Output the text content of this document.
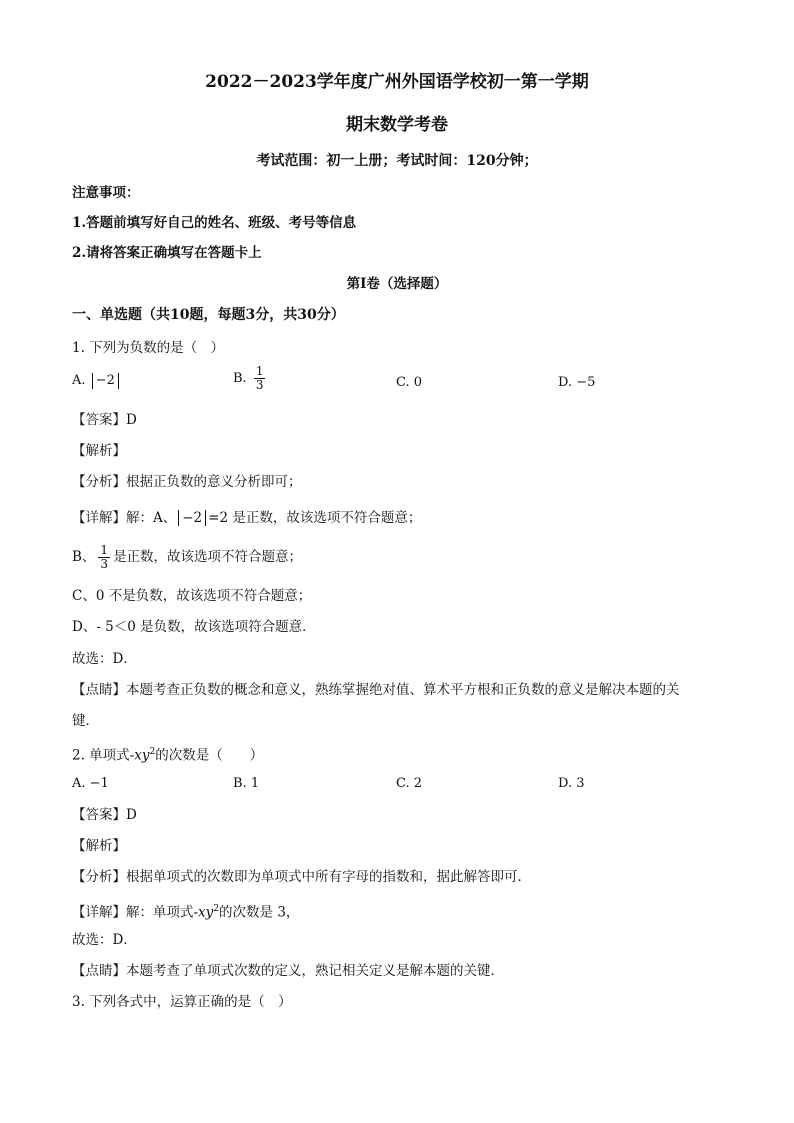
2022－2023学年度广州外国语学校初一第一学期
期末数学考卷
考试范围：初一上册；考试时间：120分钟；
注意事项：
1.答题前填写好自己的姓名、班级、考号等信息
2.请将答案正确填写在答题卡上
第I卷（选择题）
一、单选题（共10题，每题3分，共30分）
1. 下列为负数的是（　）
A. −2	B. $\frac{1}{3}$	C. 0	D. −5
【答案】D
【解析】
【分析】根据正负数的意义分析即可；
【详解】解：A、 −2 =2 是正数，故该选项不符合题意；
B、 $\frac{1}{3}$ 是正数，故该选项不符合题意；
C、0 不是负数，故该选项不符合题意；
D、- 5＜0 是负数，故该选项符合题意．
故选：D．
【点睛】本题考查正负数的概念和意义，熟练掌握绝对值、算术平方根和正负数的意义是解决本题的关
键．
2. 单项式$-xy^2$的次数是（　　）
A. −1	B. 1	C. 2	D. 3
【答案】D
【解析】
【分析】根据单项式的次数即为单项式中所有字母的指数和，据此解答即可．
【详解】解：单项式$-xy^2$的次数是 3，
故选：D．
【点睛】本题考查了单项式次数的定义，熟记相关定义是解本题的关键．
3. 下列各式中，运算正确的是（　）
